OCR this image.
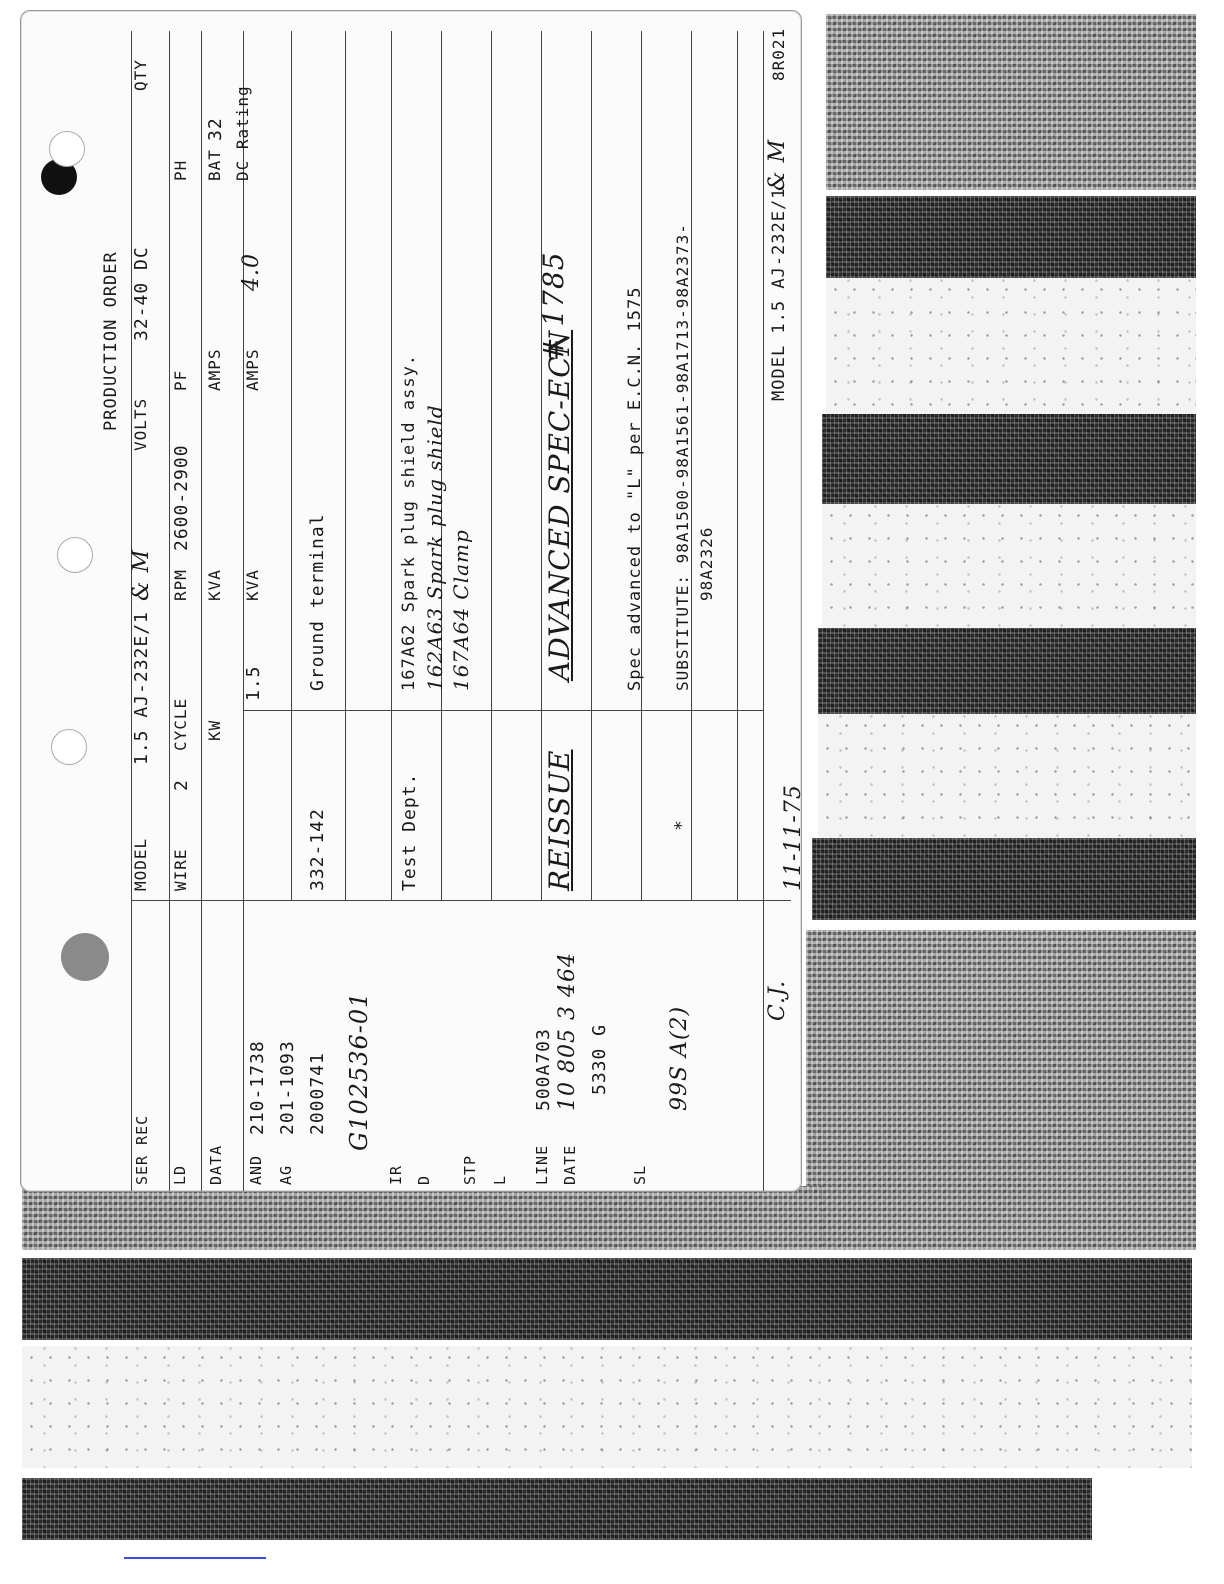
PRODUCTION ORDER
MODEL
1.5 AJ-232E/1
& M
VOLTS
32-40 DC
QTY
WIRE
2
CYCLE
RPM
2600-2900
PF
PH
KW
KVA
AMPS
BAT
32
1.5
KVA
AMPS
4.0
DC Rating
SER REC LD DATA AND
210-1738
AG
201-1093 2000741 G102536-01
IR D STP L LINE
500A703
DATE
10 805 3 464 5330 G
SL
99S A(2)
332-142
Ground terminal
Test Dept.
167A62 Spark plug shield assy. 162A63 Spark plug shield 167A64 Clamp
REISSUE
ADVANCED SPEC-ECN
# 1785	Spec advanced to "L" per E.C.N. 1575
*
SUBSTITUTE: 98A1500-98A1561-98A1713-98A2373- 98A2326
MODEL 1.5 AJ-232E/1
& M
8R021
C.J.
11-11-75
